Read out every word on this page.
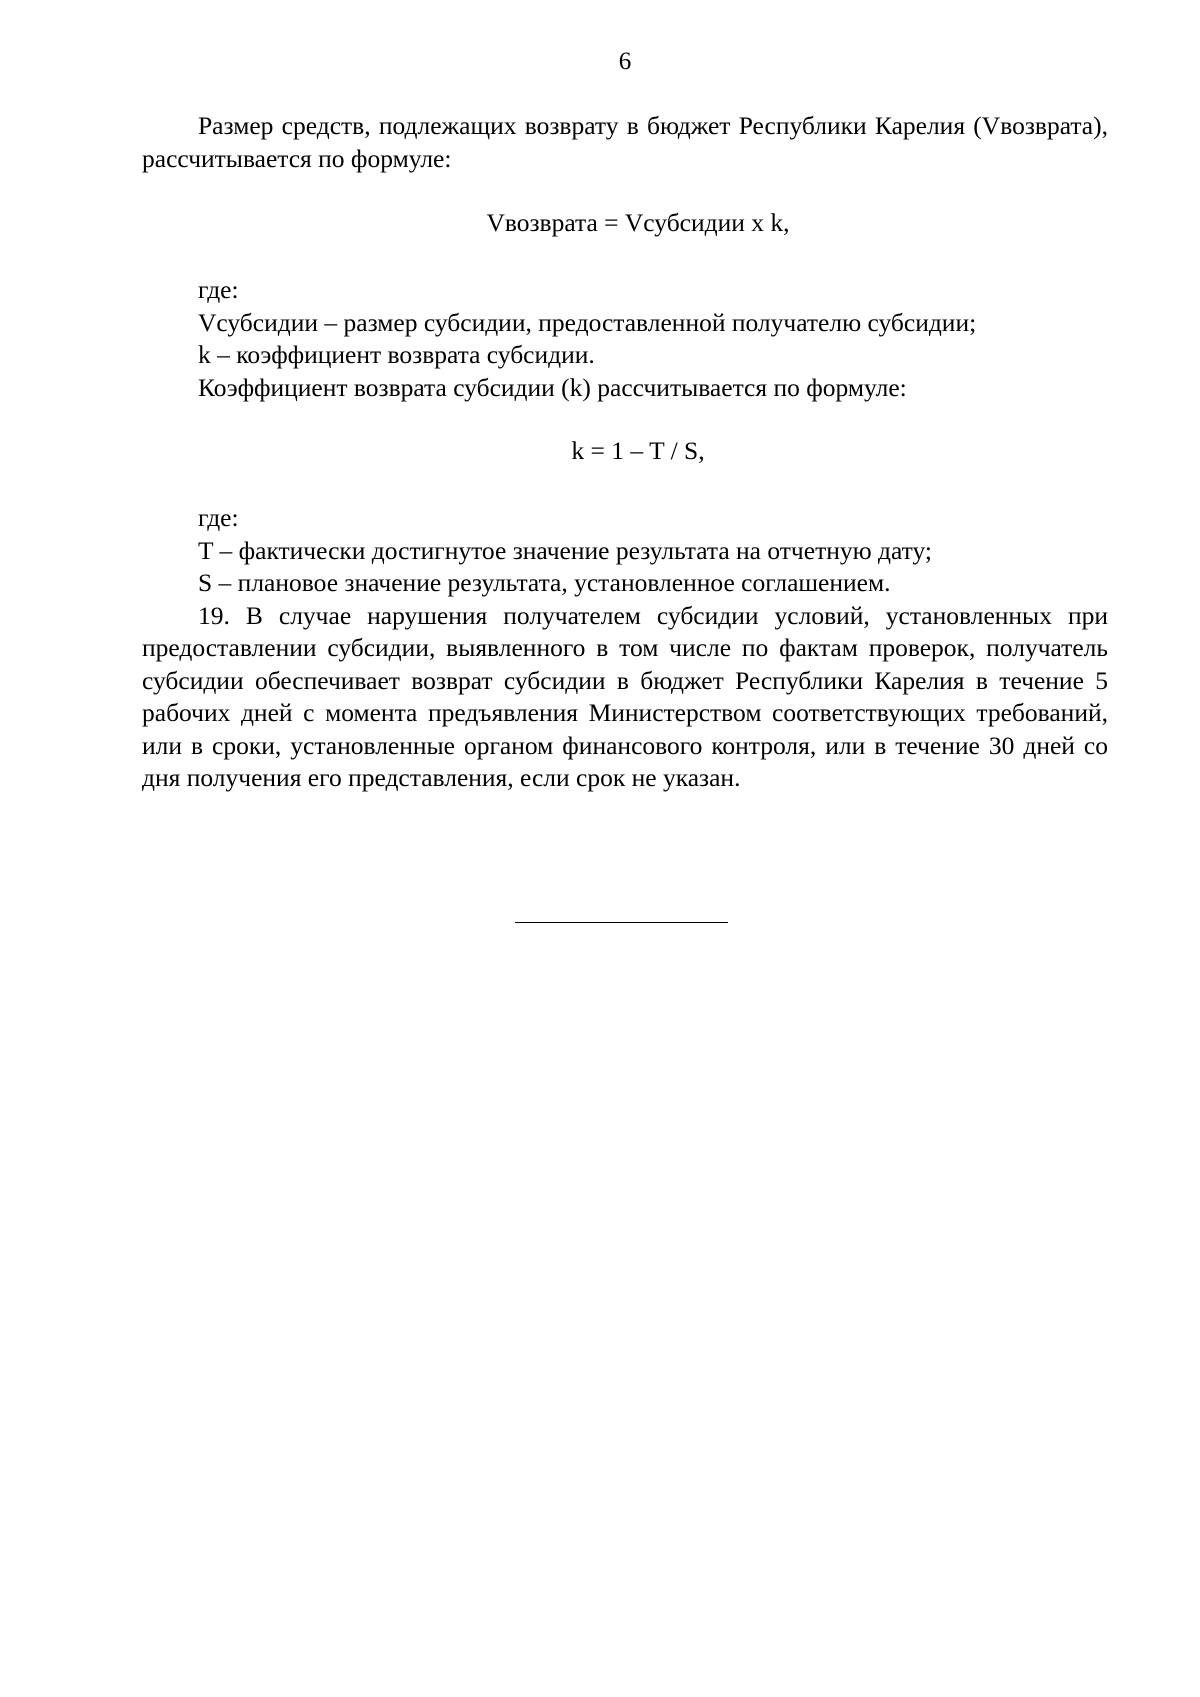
6

Размер средств, подлежащих возврату в бюджет Республики Карелия (Vвозврата), рассчитывается по формуле:

Vвозврата = Vсубсидии x k,

где:

Vсубсидии – размер субсидии, предоставленной получателю субсидии;

k – коэффициент возврата субсидии.

Коэффициент возврата субсидии (k) рассчитывается по формуле:

k = 1 – T / S,

где:

T – фактически достигнутое значение результата на отчетную дату;

S – плановое значение результата, установленное соглашением.

19. В случае нарушения получателем субсидии условий, установленных при предоставлении субсидии, выявленного в том числе по фактам проверок, получатель субсидии обеспечивает возврат субсидии в бюджет Республики Карелия в течение 5 рабочих дней с момента предъявления Министерством соответствующих требований, или в сроки, установленные органом финансового контроля, или в течение 30 дней со дня получения его представления, если срок не указан.
